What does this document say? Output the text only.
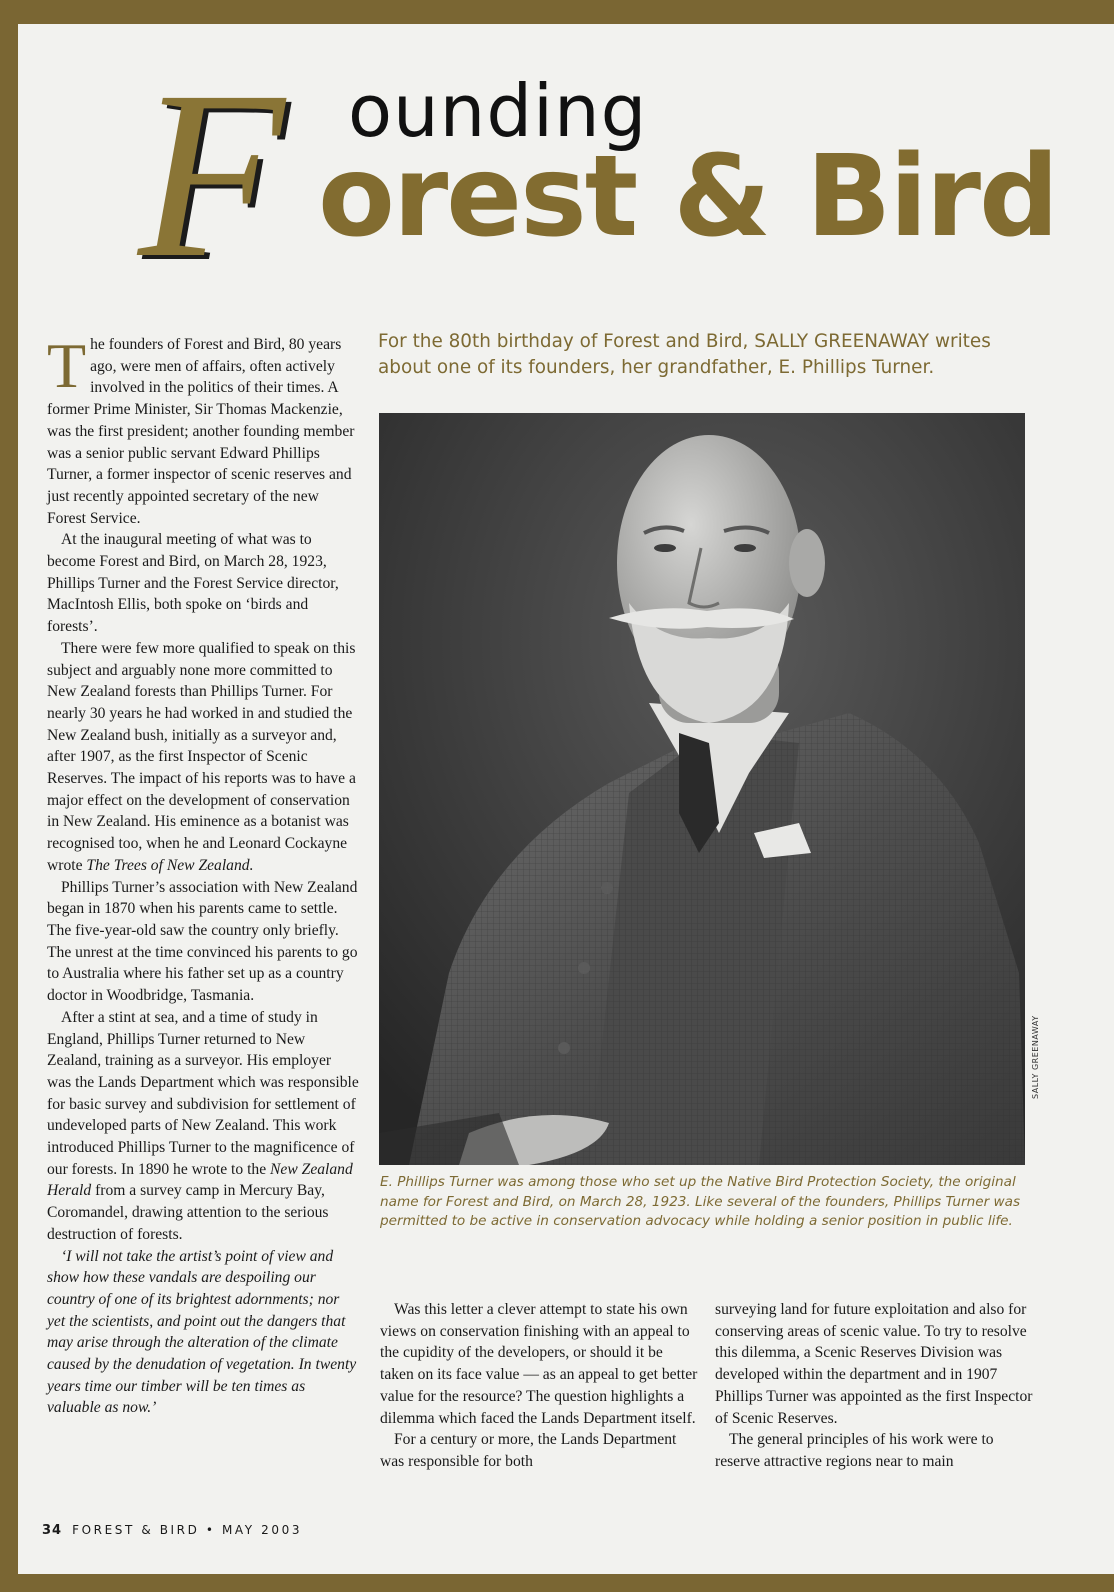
F ounding
orest & Bird

The founders of Forest and Bird, 80 years ago, were men of affairs, often actively involved in the politics of their times. A former Prime Minister, Sir Thomas Mackenzie, was the first president; another founding member was a senior public servant Edward Phillips Turner, a former inspector of scenic reserves and just recently appointed secretary of the new Forest Service.

At the inaugural meeting of what was to become Forest and Bird, on March 28, 1923, Phillips Turner and the Forest Service director, MacIntosh Ellis, both spoke on ‘birds and forests’.

There were few more qualified to speak on this subject and arguably none more committed to New Zealand forests than Phillips Turner. For nearly 30 years he had worked in and studied the New Zealand bush, initially as a surveyor and, after 1907, as the first Inspector of Scenic Reserves. The impact of his reports was to have a major effect on the development of conservation in New Zealand. His eminence as a botanist was recognised too, when he and Leonard Cockayne wrote The Trees of New Zealand.

Phillips Turner’s association with New Zealand began in 1870 when his parents came to settle. The five-year-old saw the country only briefly. The unrest at the time convinced his parents to go to Australia where his father set up as a country doctor in Woodbridge, Tasmania.

After a stint at sea, and a time of study in England, Phillips Turner returned to New Zealand, training as a surveyor. His employer was the Lands Department which was responsible for basic survey and subdivision for settlement of undeveloped parts of New Zealand. This work introduced Phillips Turner to the magnificence of our forests. In 1890 he wrote to the New Zealand Herald from a survey camp in Mercury Bay, Coromandel, drawing attention to the serious destruction of forests.

‘I will not take the artist’s point of view and show how these vandals are despoiling our country of one of its brightest adornments; nor yet the scientists, and point out the dangers that may arise through the alteration of the climate caused by the denudation of vegetation. In twenty years time our timber will be ten times as valuable as now.’

For the 80th birthday of Forest and Bird, SALLY GREENAWAY writes about one of its founders, her grandfather, E. Phillips Turner.
SALLY GREENAWAY
E. Phillips Turner was among those who set up the Native Bird Protection Society, the original name for Forest and Bird, on March 28, 1923. Like several of the founders, Phillips Turner was permitted to be active in conservation advocacy while holding a senior position in public life.

Was this letter a clever attempt to state his own views on conservation finishing with an appeal to the cupidity of the developers, or should it be taken on its face value — as an appeal to get better value for the resource? The question highlights a dilemma which faced the Lands Department itself.

For a century or more, the Lands Department was responsible for both

surveying land for future exploitation and also for conserving areas of scenic value. To try to resolve this dilemma, a Scenic Reserves Division was developed within the department and in 1907 Phillips Turner was appointed as the first Inspector of Scenic Reserves.

The general principles of his work were to reserve attractive regions near to main

34 FOREST & BIRD • MAY 2003
